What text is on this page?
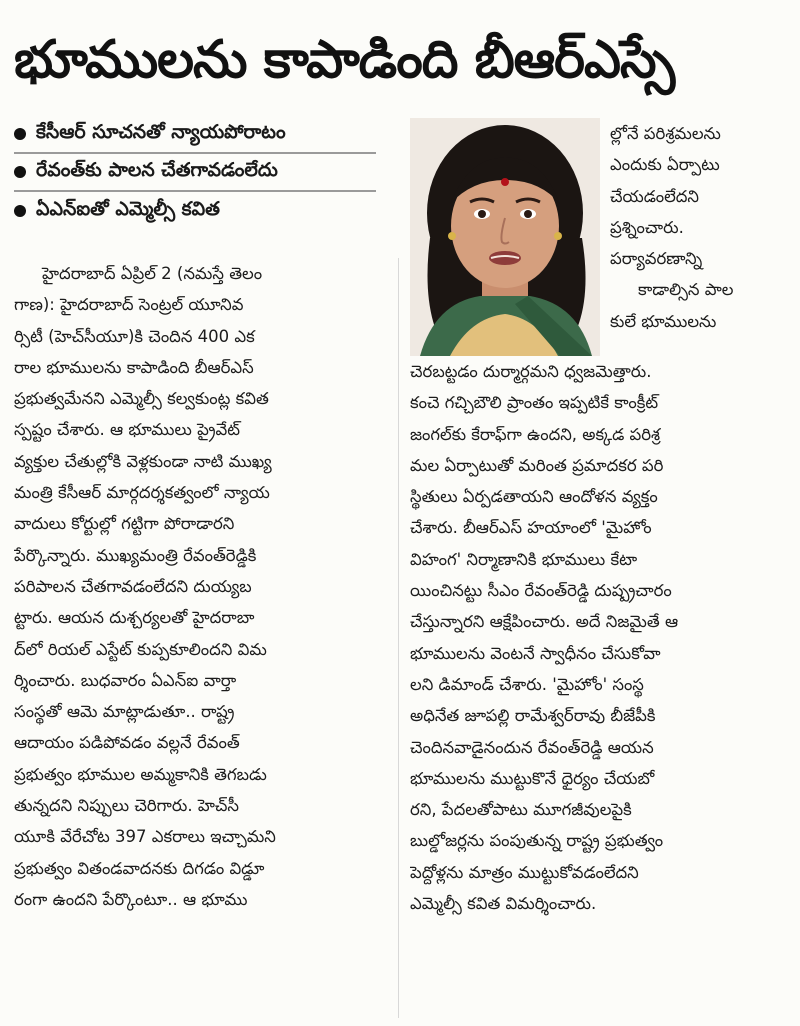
భూములను కాపాడింది బీఆర్ఎస్సే
కేసీఆర్ సూచనతో న్యాయపోరాటం
రేవంత్‌కు పాలన చేతగావడంలేదు
ఏఎన్ఐతో ఎమ్మెల్సీ కవిత
హైదరాబాద్ ఏప్రిల్ 2 (నమస్తే తెలం
గాణ): హైదరాబాద్ సెంట్రల్ యూనివ
ర్సిటీ (హెచ్‌సీయూ)కి చెందిన 400 ఎక
రాల భూములను కాపాడింది బీఆర్ఎస్
ప్రభుత్వమేనని ఎమ్మెల్సీ కల్వకుంట్ల కవిత
స్పష్టం చేశారు. ఆ భూములు ప్రైవేట్
వ్యక్తుల చేతుల్లోకి వెళ్లకుండా నాటి ముఖ్య
మంత్రి కేసీఆర్ మార్గదర్శకత్వంలో న్యాయ
వాదులు కోర్టుల్లో గట్టిగా పోరాడారని
పేర్కొన్నారు. ముఖ్యమంత్రి రేవంత్‌రెడ్డికి
పరిపాలన చేతగావడంలేదని దుయ్యబ
ట్టారు. ఆయన దుశ్చర్యలతో హైదరాబా
ద్‌లో రియల్ ఎస్టేట్ కుప్పకూలిందని విమ
ర్శించారు. బుధవారం ఏఎన్ఐ వార్తా
సంస్థతో ఆమె మాట్లాడుతూ.. రాష్ట్ర
ఆదాయం పడిపోవడం వల్లనే రేవంత్
ప్రభుత్వం భూముల అమ్మకానికి తెగబడు
తున్నదని నిప్పులు చెరిగారు. హెచ్‌సీ
యూకి వేరేచోట 397 ఎకరాలు ఇచ్చామని
ప్రభుత్వం వితండవాదనకు దిగడం విడ్డూ
రంగా ఉందని పేర్కొంటూ.. ఆ భూము
ల్లోనే పరిశ్రమలను
ఎందుకు ఏర్పాటు
చేయడంలేదని
ప్రశ్నించారు.
పర్యావరణాన్ని
కాడాల్సిన పాల
కులే భూములను
చెరబట్టడం దుర్మార్గమని ధ్వజమెత్తారు.
కంచె గచ్చిబౌలి ప్రాంతం ఇప్పటికే కాంక్రీట్
జంగల్‌కు కేరాఫ్‌గా ఉందని, అక్కడ పరిశ్ర
మల ఏర్పాటుతో మరింత ప్రమాదకర పరి
స్థితులు ఏర్పడతాయని ఆందోళన వ్యక్తం
చేశారు. బీఆర్ఎస్ హయాంలో 'మైహోం
విహంగ' నిర్మాణానికి భూములు కేటా
యించినట్టు సీఎం రేవంత్‌రెడ్డి దుష్ప్రచారం
చేస్తున్నారని ఆక్షేపించారు. అదే నిజమైతే ఆ
భూములను వెంటనే స్వాధీనం చేసుకోవా
లని డిమాండ్ చేశారు. 'మైహోం' సంస్థ
అధినేత జూపల్లి రామేశ్వర్‌రావు బీజేపీకి
చెందినవాడైనందున రేవంత్‌రెడ్డి ఆయన
భూములను ముట్టుకొనే ధైర్యం చేయబో
రని, పేదలతోపాటు మూగజీవులపైకి
బుల్డోజర్లను పంపుతున్న రాష్ట్ర ప్రభుత్వం
పెద్దోళ్లను మాత్రం ముట్టుకోవడంలేదని
ఎమ్మెల్సీ కవిత విమర్శించారు.
